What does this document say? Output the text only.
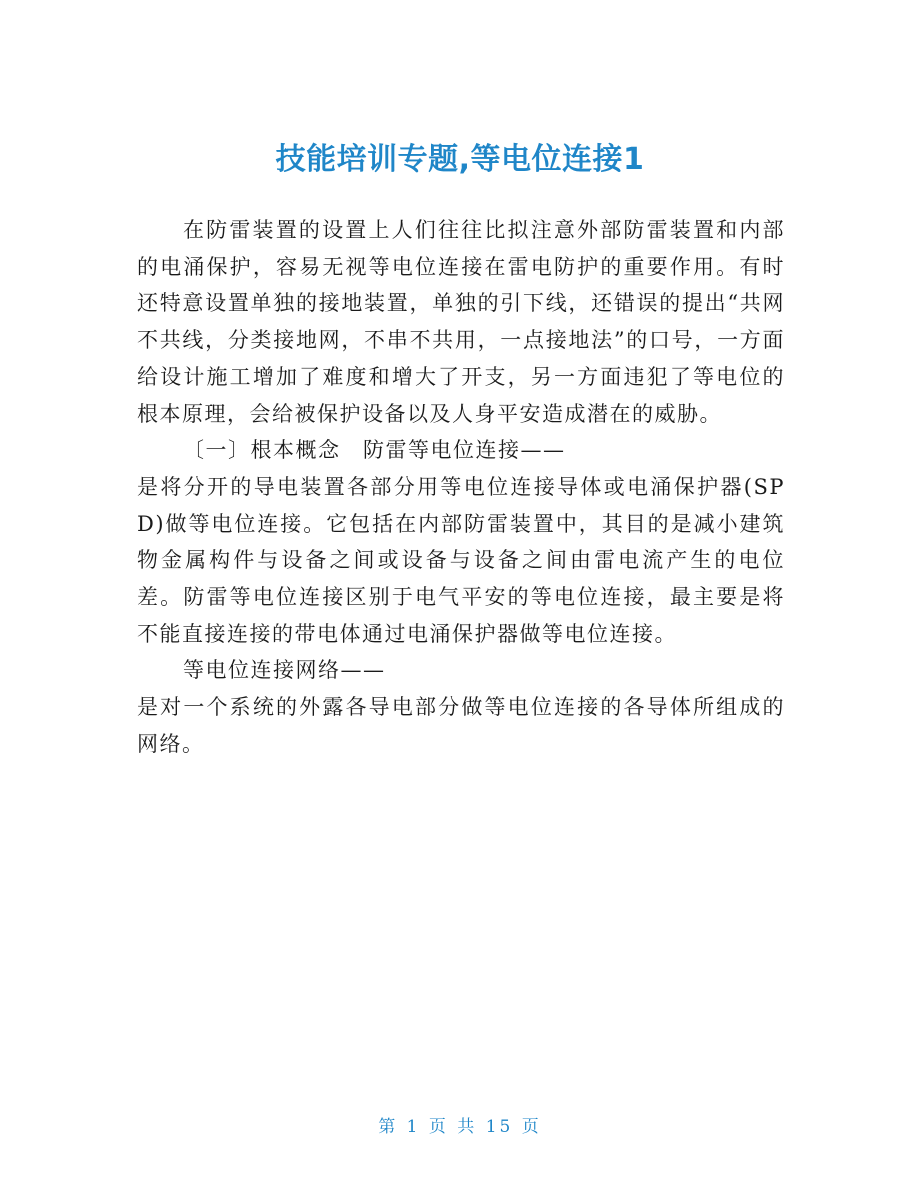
技能培训专题,等电位连接1

在防雷装置的设置上人们往往比拟注意外部防雷装置和内部的电涌保护，容易无视等电位连接在雷电防护的重要作用。有时还特意设置单独的接地装置，单独的引下线，还错误的提出“共网不共线，分类接地网，不串不共用，一点接地法”的口号，一方面给设计施工增加了难度和增大了开支，另一方面违犯了等电位的根本原理，会给被保护设备以及人身平安造成潜在的威胁。

〔一〕根本概念　防雷等电位连接——

是将分开的导电装置各部分用等电位连接导体或电涌保护器(SPD)做等电位连接。它包括在内部防雷装置中，其目的是减小建筑物金属构件与设备之间或设备与设备之间由雷电流产生的电位差。防雷等电位连接区别于电气平安的等电位连接，最主要是将不能直接连接的带电体通过电涌保护器做等电位连接。

等电位连接网络——

是对一个系统的外露各导电部分做等电位连接的各导体所组成的网络。

第 1 页 共 15 页
